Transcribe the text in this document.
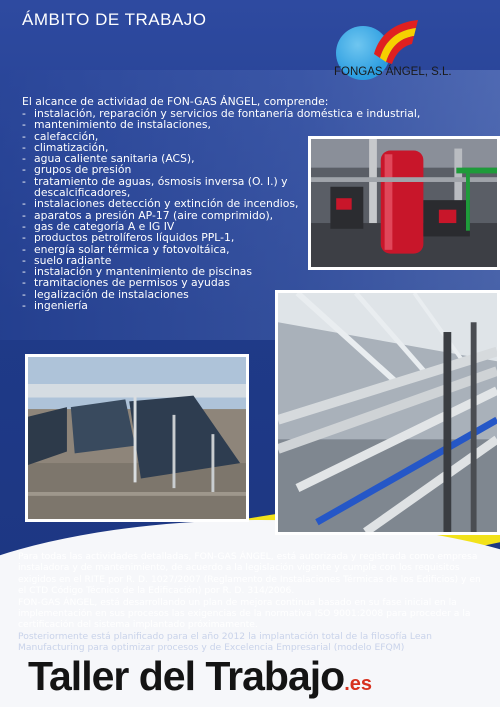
ÁMBITO DE TRABAJO
FONGAS ÁNGEL, S.L.
El alcance de actividad de FON-GAS ÁNGEL, comprende:
- instalación, reparación y servicios de fontanería doméstica e industrial,
- mantenimiento de instalaciones,
- calefacción,
- climatización,
- agua caliente sanitaria (ACS),
- grupos de presión
- tratamiento de aguas, ósmosis inversa (O. I.) y descalcificadores,
- instalaciones detección y extinción de incendios,
- aparatos a presión AP-17 (aire comprimido),
- gas de categoría A e IG IV
- productos petrolíferos líquidos PPL-1,
- energía solar térmica y fotovoltáica,
- suelo radiante
- instalación y mantenimiento de piscinas
- tramitaciones de permisos y ayudas
- legalización de instalaciones
- ingeniería

Para todas las actividades detalladas, FON-GAS ÁNGEL, está autorizada y registrada como empresa instaladora y de mantenimiento, de acuerdo a la legislación vigente y cumple con los requisitos exigidos en el RITE por R. D. 1027/2007 (Reglamento de Instalaciones Térmicas de los Edificios) y en el CTD Código Técnico de la Edificación) por R. D. 314/2006.

FON-GAS ÁNGEL, está desarrollando un plan de mejora continua basado en su fase inicial en la implementación en sus procesos las exigencias de la normativa ISO 9001:2008 para proceder a la certificación del sistema implantado próximamente.

Posteriormente está planificado para el año 2012 la implantación total de la filosofía Lean Manufacturing para optimizar procesos y de Excelencia Empresarial (modelo EFQM)

Taller del Trabajo.es
